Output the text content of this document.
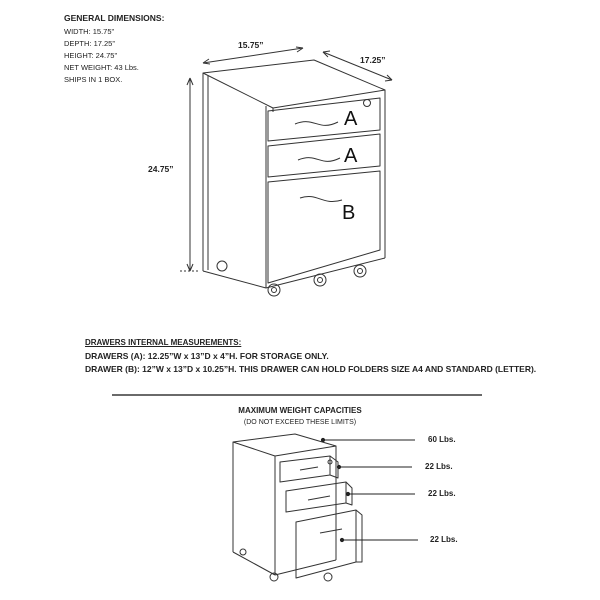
GENERAL DIMENSIONS:
WIDTH: 15.75”
DEPTH: 17.25”
HEIGHT: 24.75”
NET WEIGHT: 43 Lbs.
SHIPS IN 1 BOX.
15.75”
17.25”
24.75”
A
A
B
DRAWERS INTERNAL MEASUREMENTS:
DRAWERS (A): 12.25”W x 13”D x 4”H. FOR STORAGE ONLY.
DRAWER (B): 12”W x 13”D x 10.25”H. THIS DRAWER CAN HOLD FOLDERS SIZE A4 AND STANDARD (LETTER).
MAXIMUM WEIGHT CAPACITIES
(DO NOT EXCEED THESE LIMITS)
60 Lbs.
22 Lbs.
22 Lbs.
22 Lbs.
